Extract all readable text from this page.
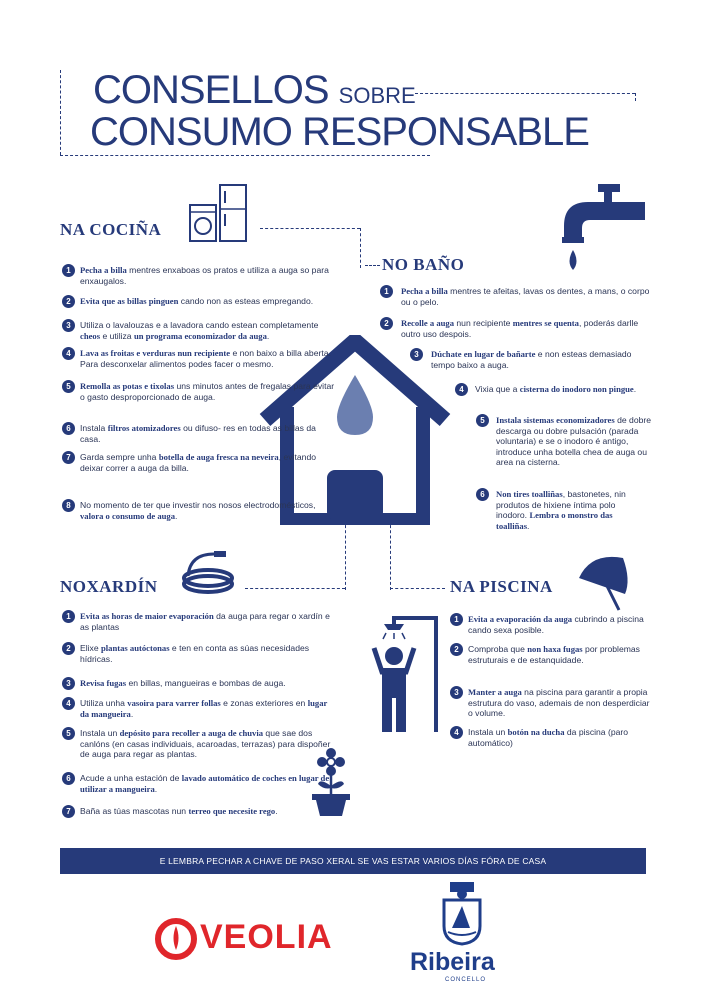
CONSELLOS SOBRE
CONSUMO RESPONSABLE
NA COCIÑA
NO BAÑO
NOXARDÍN	NA PISCINA
1	Pecha a billa mentres enxaboas os pratos e utiliza a auga so para enxaugalos.
2	Evita que as billas pinguen cando non as esteas empregando.
3	Utiliza o lavalouzas e a lavadora cando estean completamente cheos e utiliza un programa economizador da auga.
4	Lava as froitas e verduras nun recipiente e non baixo a billa aberta. Para desconxelar alimentos podes facer o mesmo.
5	Remolla as potas e tixolas uns minutos antes de fregalas para evitar o gasto desproporcionado de auga.
6	Instala filtros atomizadores ou difuso- res en todas as billas da casa.
7	Garda sempre unha botella de auga fresca na neveira, evitando deixar correr a auga da billa.
8	No momento de ter que investir nos nosos electrodomésticos, valora o consumo de auga.
1	Pecha a billa mentres te afeitas, lavas os dentes, a mans, o corpo ou o pelo.
2	Recolle a auga nun recipiente mentres se quenta, poderás darlle outro uso despois.
3	Dúchate en lugar de bañarte e non esteas demasiado tempo baixo a auga.
4	Vixia que a cisterna do inodoro non pingue.
5	Instala sistemas economizadores de dobre descarga ou dobre pulsación (parada voluntaria) e se o inodoro é antigo, introduce unha botella chea de auga ou area na cisterna.
6	Non tires toalliñas, bastonetes, nin produtos de hixiene íntima polo inodoro. Lembra o monstro das toalliñas.
1	Evita as horas de maior evaporación da auga para regar o xardín e as plantas
2	Elixe plantas autóctonas e ten en conta as súas necesidades hídricas.
3	Revisa fugas en billas, mangueiras e bombas de auga.
4	Utiliza unha vasoira para varrer follas e zonas exteriores en lugar da mangueira.
5	Instala un depósito para recoller a auga de chuvia que sae dos canlóns (en casas individuais, acaroadas, terrazas) para dispoñer de auga para regar as plantas.
6	Acude a unha estación de lavado automático de coches en lugar de utilizar a mangueira.
7	Baña as túas mascotas nun terreo que necesite rego.
1	Evita a evaporación da auga cubrindo a piscina cando sexa posible.
2	Comproba que non haxa fugas por problemas estruturais e de estanquidade.
3	Manter a auga na piscina para garantir a propia estrutura do vaso, ademais de non desperdiciar o volume.
4	Instala un botón na ducha da piscina (paro automático)
E LEMBRA PECHAR A CHAVE DE PASO XERAL SE VAS ESTAR VARIOS DÍAS FÓRA DE CASA
VEOLIA
Ribeira
CONCELLO
